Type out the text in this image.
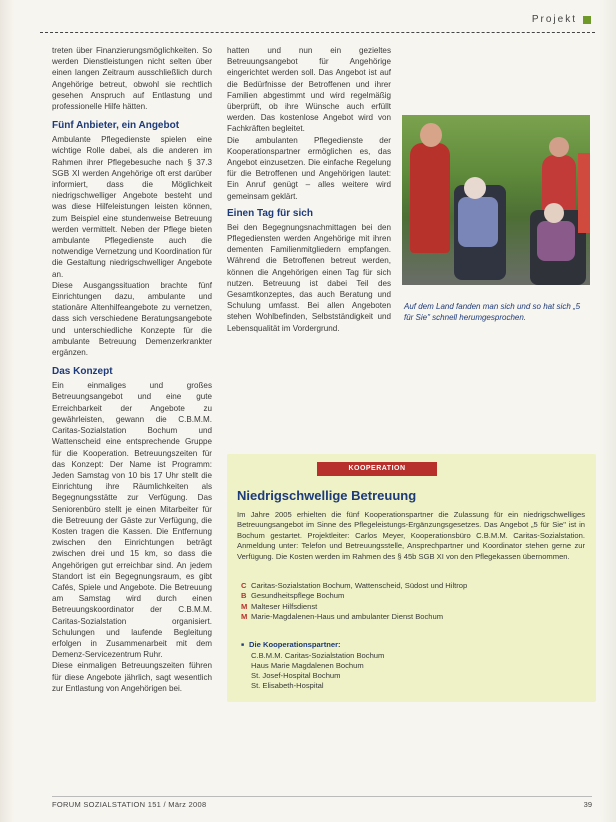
Projekt

treten über Finanzierungsmöglichkeiten. So werden Dienstleistungen nicht selten über einen langen Zeitraum ausschließlich durch Angehörige betreut, obwohl sie rechtlich gesehen Anspruch auf Entlastung und professionelle Hilfe hätten.

Fünf Anbieter, ein Angebot

Ambulante Pflegedienste spielen eine wichtige Rolle dabei, als die anderen im Rahmen ihrer Pflegebesuche nach § 37.3 SGB XI werden Angehörige oft erst darüber informiert, dass die Möglichkeit niedrigschwelliger Angebote besteht und was diese Hilfeleistungen leisten können, zum Beispiel eine stundenweise Betreuung werden vermittelt. Neben der Pflege bieten ambulante Pflegedienste auch die notwendige Vernetzung und Koordination für die Gestaltung niedrigschwelliger Angebote an.

Diese Ausgangssituation brachte fünf Einrichtungen dazu, ambulante und stationäre Altenhilfeangebote zu vernetzen, dass sich verschiedene Beratungsangebote und unterschiedliche Konzepte für die ambulante Betreuung Demenzerkrankter ergänzen.

Das Konzept

Ein einmaliges und großes Betreuungsangebot und eine gute Erreichbarkeit der Angebote zu gewährleisten, gewann die C.B.M.M. Caritas-Sozialstation Bochum und Wattenscheid eine entsprechende Gruppe für die Kooperation. Betreuungszeiten für das Konzept: Der Name ist Programm: Jeden Samstag von 10 bis 17 Uhr stellt die Einrichtung ihre Räumlichkeiten als Begegnungsstätte zur Verfügung. Das Seniorenbüro stellt je einen Mitarbeiter für die Betreuung der Gäste zur Verfügung, die Kosten tragen die Kassen. Die Entfernung zwischen den Einrichtungen beträgt zwischen drei und 15 km, so dass die Angehörigen gut erreichbar sind. An jedem Standort ist ein Begegnungsraum, es gibt Cafés, Spiele und Angebote. Die Betreuung am Samstag wird durch einen Betreuungskoordinator der C.B.M.M. Caritas-Sozialstation organisiert. Schulungen und laufende Begleitung erfolgen in Zusammenarbeit mit dem Demenz-Servicezentrum Ruhr.

Diese einmaligen Betreuungszeiten führen für diese Angebote jährlich, sagt wesentlich zur Entlastung von Angehörigen bei.

hatten und nun ein gezieltes Betreuungsangebot für Angehörige eingerichtet werden soll. Das Angebot ist auf die Bedürfnisse der Betroffenen und ihrer Familien abgestimmt und wird regelmäßig überprüft, ob ihre Wünsche auch erfüllt werden. Das kostenlose Angebot wird von Fachkräften begleitet.

Die ambulanten Pflegedienste der Kooperationspartner ermöglichen es, das Angebot einzusetzen. Die einfache Regelung für die Betroffenen und Angehörigen lautet: Ein Anruf genügt – alles weitere wird gemeinsam geklärt.

Einen Tag für sich

Bei den Begegnungsnachmittagen bei den Pflegediensten werden Angehörige mit ihren dementen Familienmitgliedern empfangen. Während die Betroffenen betreut werden, können die Angehörigen einen Tag für sich nutzen. Betreuung ist dabei Teil des Gesamtkonzeptes, das auch Beratung und Schulung umfasst. Bei allen Angeboten stehen Wohlbefinden, Selbstständigkeit und Lebensqualität im Vordergrund.

Auf dem Land fanden man sich und so hat sich „5 für Sie" schnell herumgesprochen.
KOOPERATION
Niedrigschwellige Betreuung
Im Jahre 2005 erhielten die fünf Kooperationspartner die Zulassung für ein niedrigschwelliges Betreuungsangebot im Sinne des Pflegeleistungs-Ergänzungsgesetzes. Das Angebot „5 für Sie" ist in Bochum gestartet. Projektleiter: Carlos Meyer, Kooperationsbüro C.B.M.M. Caritas-Sozialstation. Anmeldung unter: Telefon und Betreuungsstelle, Ansprechpartner und Koordinator stehen gerne zur Verfügung. Die Kosten werden im Rahmen des § 45b SGB XI von den Pflegekassen übernommen.
C Caritas-Sozialstation Bochum, Wattenscheid, Südost und Hiltrop
B Gesundheitspflege Bochum
M Malteser Hilfsdienst
M Marie-Magdalenen-Haus und ambulanter Dienst Bochum
■ Die Kooperationspartner:
C.B.M.M. Caritas-Sozialstation Bochum
Haus Marie Magdalenen Bochum
St. Josef-Hospital Bochum
St. Elisabeth-Hospital
FORUM SOZIALSTATION 151 / März 2008	39
